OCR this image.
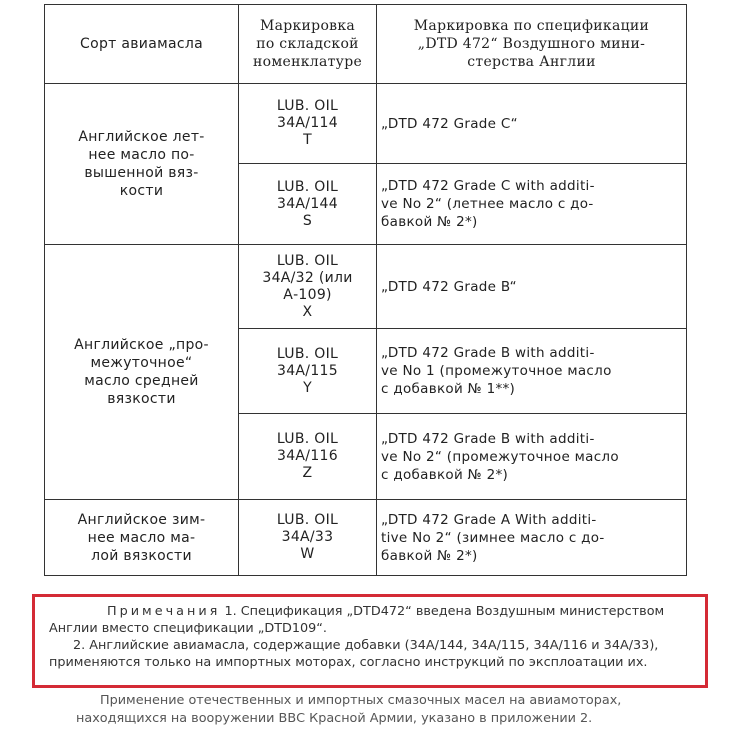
Сорт авиамасла	Маркировка
по складской
номенклатуре	Маркировка по спецификации
„DTD 472“ Воздушного мини-
стерства Англии
Английское лет-
нее масло по-
вышенной вяз-
кости	LUB. OIL
34A/114
T	„DTD 472 Grade C“
	LUB. OIL
34A/144
S	„DTD 472 Grade C with additi-
ve No 2“ (летнее масло с до-
бавкой № 2*)
Английское „про-
межуточное“
масло средней
вязкости	LUB. OIL
34A/32 (или А-109)
X	„DTD 472 Grade B“
	LUB. OIL
34A/115
Y	„DTD 472 Grade B with additi-
ve No 1 (промежуточное масло
с добавкой № 1**)
	LUB. OIL
34A/116
Z	„DTD 472 Grade B with additi-
ve No 2“ (промежуточное масло
с добавкой № 2*)
Английское зим-
нее масло ма-
лой вязкости	LUB. OIL
34A/33
W	„DTD 472 Grade A With additi-
tive No 2“ (зимнее масло с до-
бавкой № 2*)

Примечания 1. Спецификация „DTD472“ введена Воздушным министерством Англии вместо спецификации „DTD109“.

2. Английские авиамасла, содержащие добавки (34A/144, 34A/115, 34A/116 и 34A/33), применяются только на импортных моторах, согласно инструкций по эксплоатации их.

Применение отечественных и импортных смазочных масел на авиамоторах, находящихся на вооружении ВВС Красной Армии, указано в приложении 2.
